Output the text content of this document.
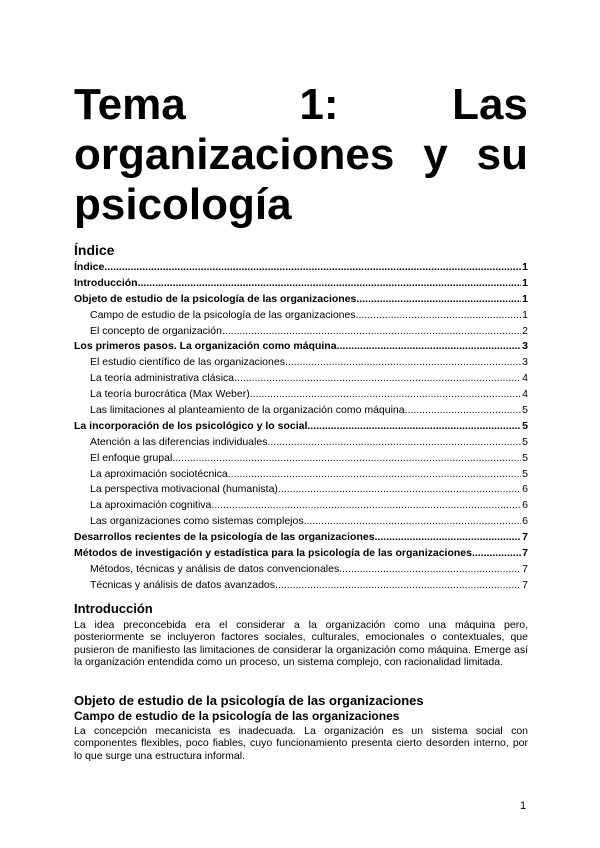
Tema	1:	Las
organizaciones y su
psicología
Índice
Índice .....	1
Introducción .....	1
Objeto de estudio de la psicología de las organizaciones .....	1
Campo de estudio de la psicología de las organizaciones .....	1
El concepto de organización .....	2
Los primeros pasos. La organización como máquina .....	3
El estudio científico de las organizaciones .....	3
La teoría administrativa clásica .....	4
La teoría burocrática (Max Weber) .....	4
Las limitaciones al planteamiento de la organización como máquina .....	5
La incorporación de los psicológico y lo social .....	5
Atención a las diferencias individuales .....	5
El enfoque grupal .....	5
La aproximación sociotécnica .....	5
La perspectiva motivacional (humanista) .....	6
La aproximación cognitiva .....	6
Las organizaciones como sistemas complejos .....	6
Desarrollos recientes de la psicología de las organizaciones .....	7
Métodos de investigación y estadística para la psicología de las organizaciones .....	7
Métodos, técnicas y análisis de datos convencionales .....	7
Técnicas y análisis de datos avanzados .....	7
Introducción

La idea preconcebida era el considerar a la organización como una máquina pero, posteriormente se incluyeron factores sociales, culturales, emocionales o contextuales, que pusieron de manifiesto las limitaciones de considerar la organización como máquina. Emerge así la organización entendida como un proceso, un sistema complejo, con racionalidad limitada.

Objeto de estudio de la psicología de las organizaciones
Campo de estudio de la psicología de las organizaciones

La concepción mecanicista es inadecuada. La organización es un sistema social con componentes flexibles, poco fiables, cuyo funcionamiento presenta cierto desorden interno, por lo que surge una estructura informal.

1
